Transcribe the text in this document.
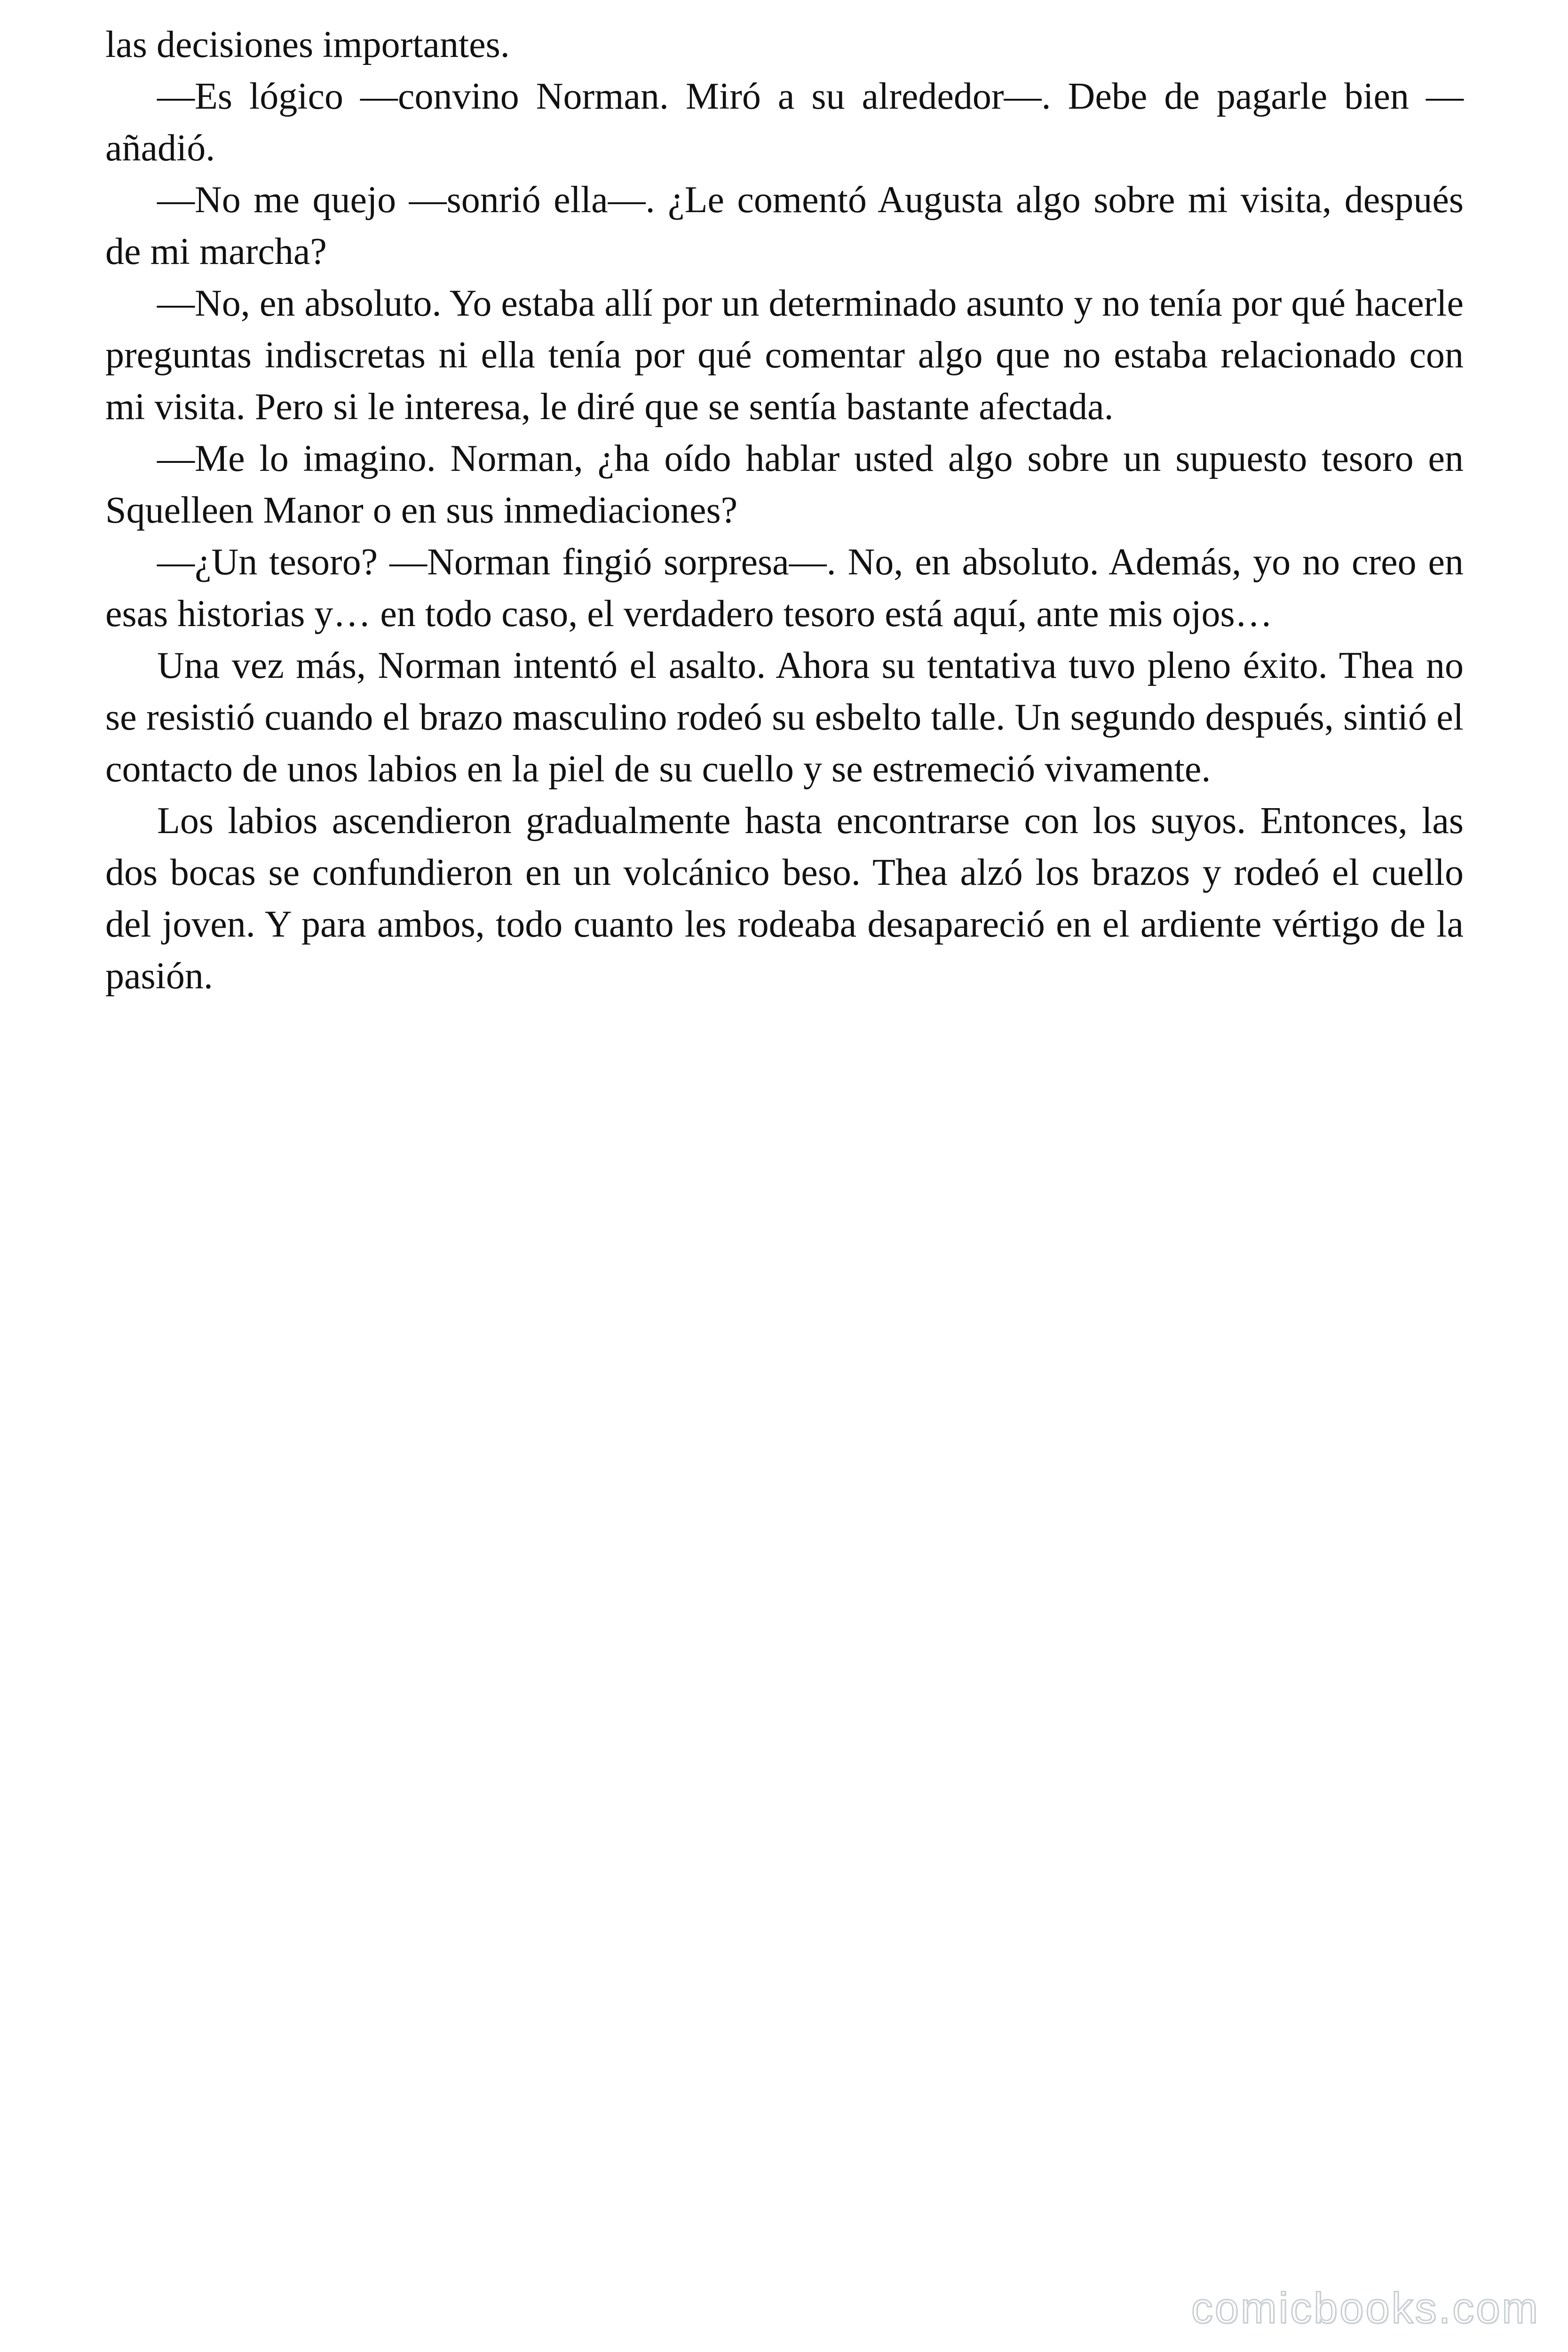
las decisiones importantes.

—Es lógico —convino Norman. Miró a su alrededor—. Debe de pagarle bien —añadió.

—No me quejo —sonrió ella—. ¿Le comentó Augusta algo sobre mi visita, después de mi marcha?

—No, en absoluto. Yo estaba allí por un determinado asunto y no tenía por qué hacerle preguntas indiscretas ni ella tenía por qué comentar algo que no estaba relacionado con mi visita. Pero si le interesa, le diré que se sentía bastante afectada.

—Me lo imagino. Norman, ¿ha oído hablar usted algo sobre un supuesto tesoro en Squelleen Manor o en sus inmediaciones?

—¿Un tesoro? —Norman fingió sorpresa—. No, en absoluto. Además, yo no creo en esas historias y… en todo caso, el verdadero tesoro está aquí, ante mis ojos…

Una vez más, Norman intentó el asalto. Ahora su tentativa tuvo pleno éxito. Thea no se resistió cuando el brazo masculino rodeó su esbelto talle. Un segundo después, sintió el contacto de unos labios en la piel de su cuello y se estremeció vivamente.

Los labios ascendieron gradualmente hasta encontrarse con los suyos. Entonces, las dos bocas se confundieron en un volcánico beso. Thea alzó los brazos y rodeó el cuello del joven. Y para ambos, todo cuanto les rodeaba desapareció en el ardiente vértigo de la pasión.

comicbooks.com
